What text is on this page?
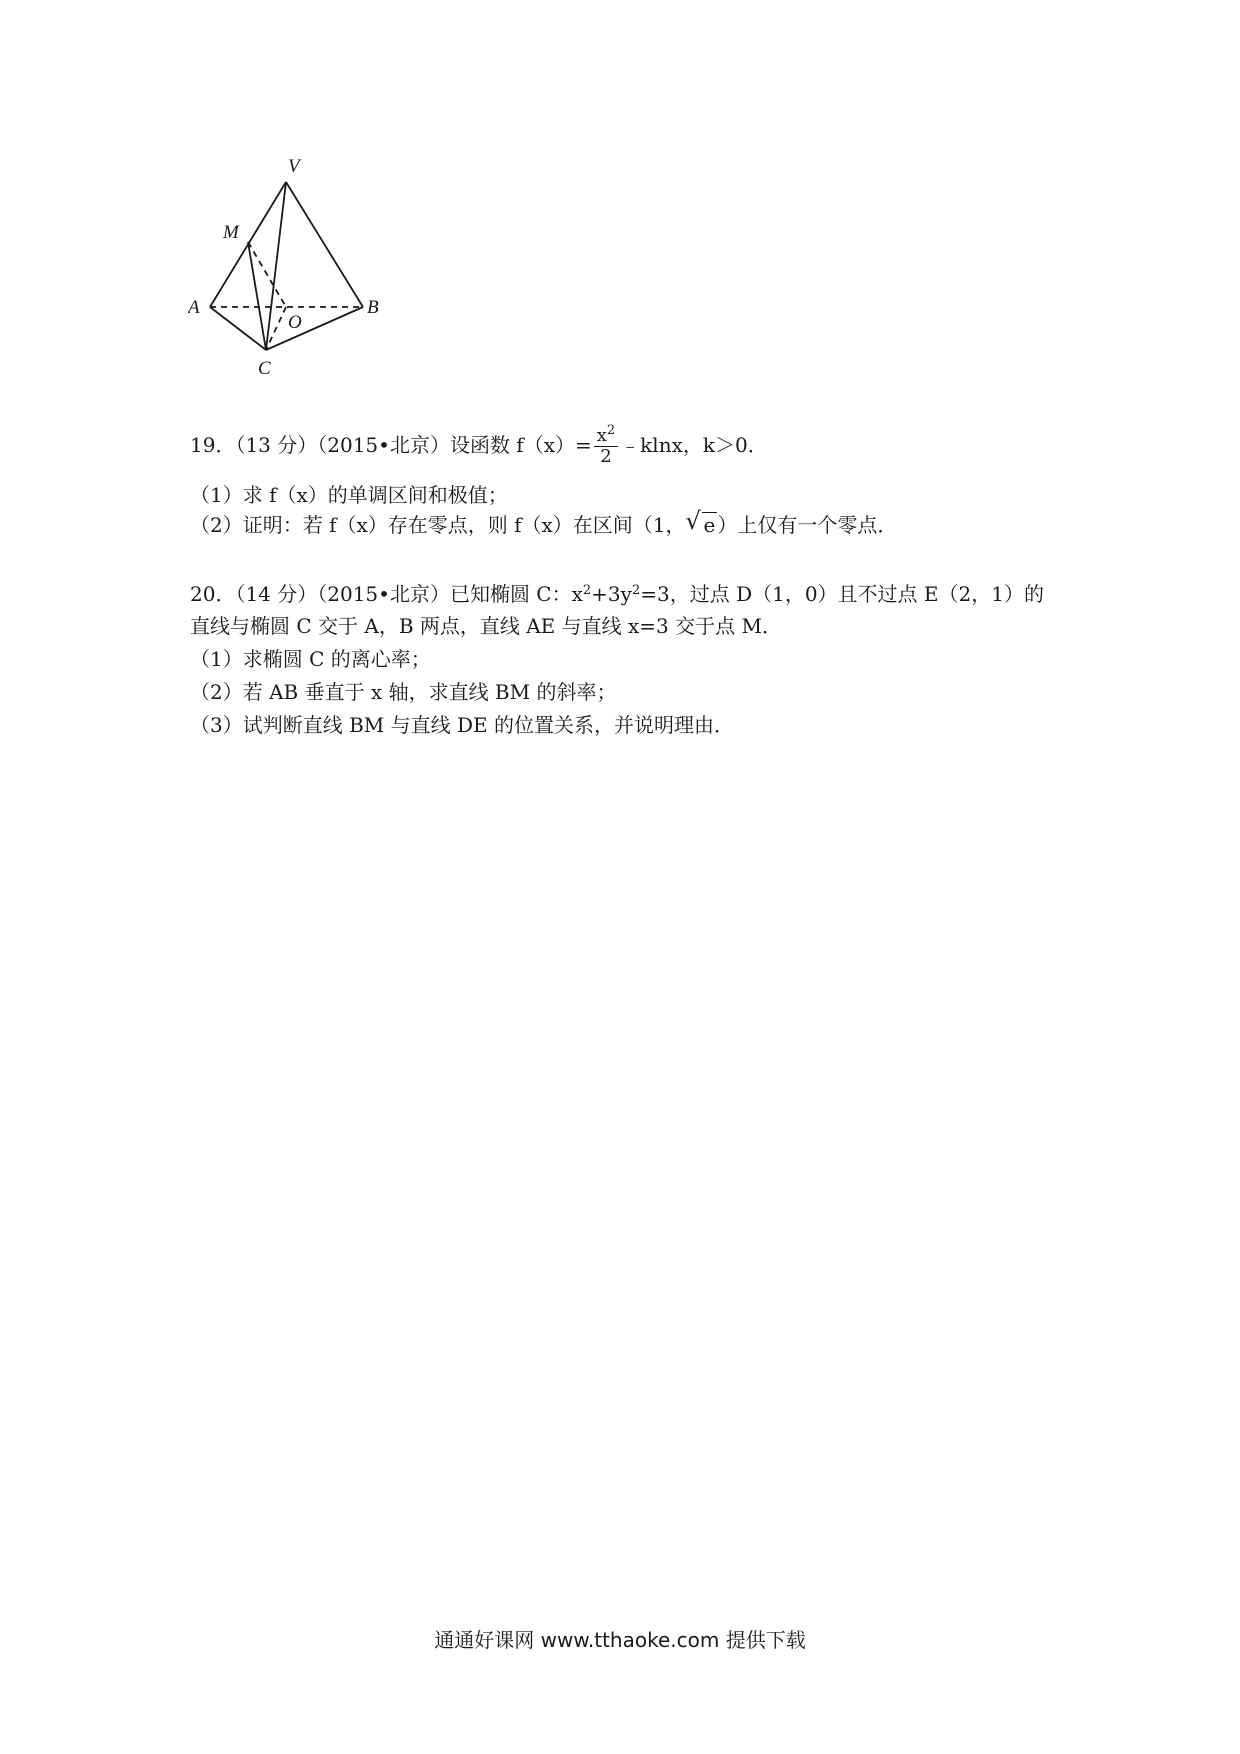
V
M
A
O
B
C
19．（13 分）（2015•北京）设函数 $f(x)= \frac{x^2}{2}$ ﹣klnx，k＞0．
（1）求 f（x）的单调区间和极值；
（2）证明：若 f（x）存在零点，则 f（x）在区间（1， √ e ）上仅有一个零点．
20．（14 分）（2015•北京）已知椭圆 C：$x^2+3y^2=3$，过点 D（1，0）且不过点 E（2，1）的
直线与椭圆 C 交于 A，B 两点，直线 AE 与直线 x=3 交于点 M．
（1）求椭圆 C 的离心率；
（2）若 AB 垂直于 x 轴，求直线 BM 的斜率；
（3）试判断直线 BM 与直线 DE 的位置关系，并说明理由．
通通好课网 www.tthaoke.com 提供下载
